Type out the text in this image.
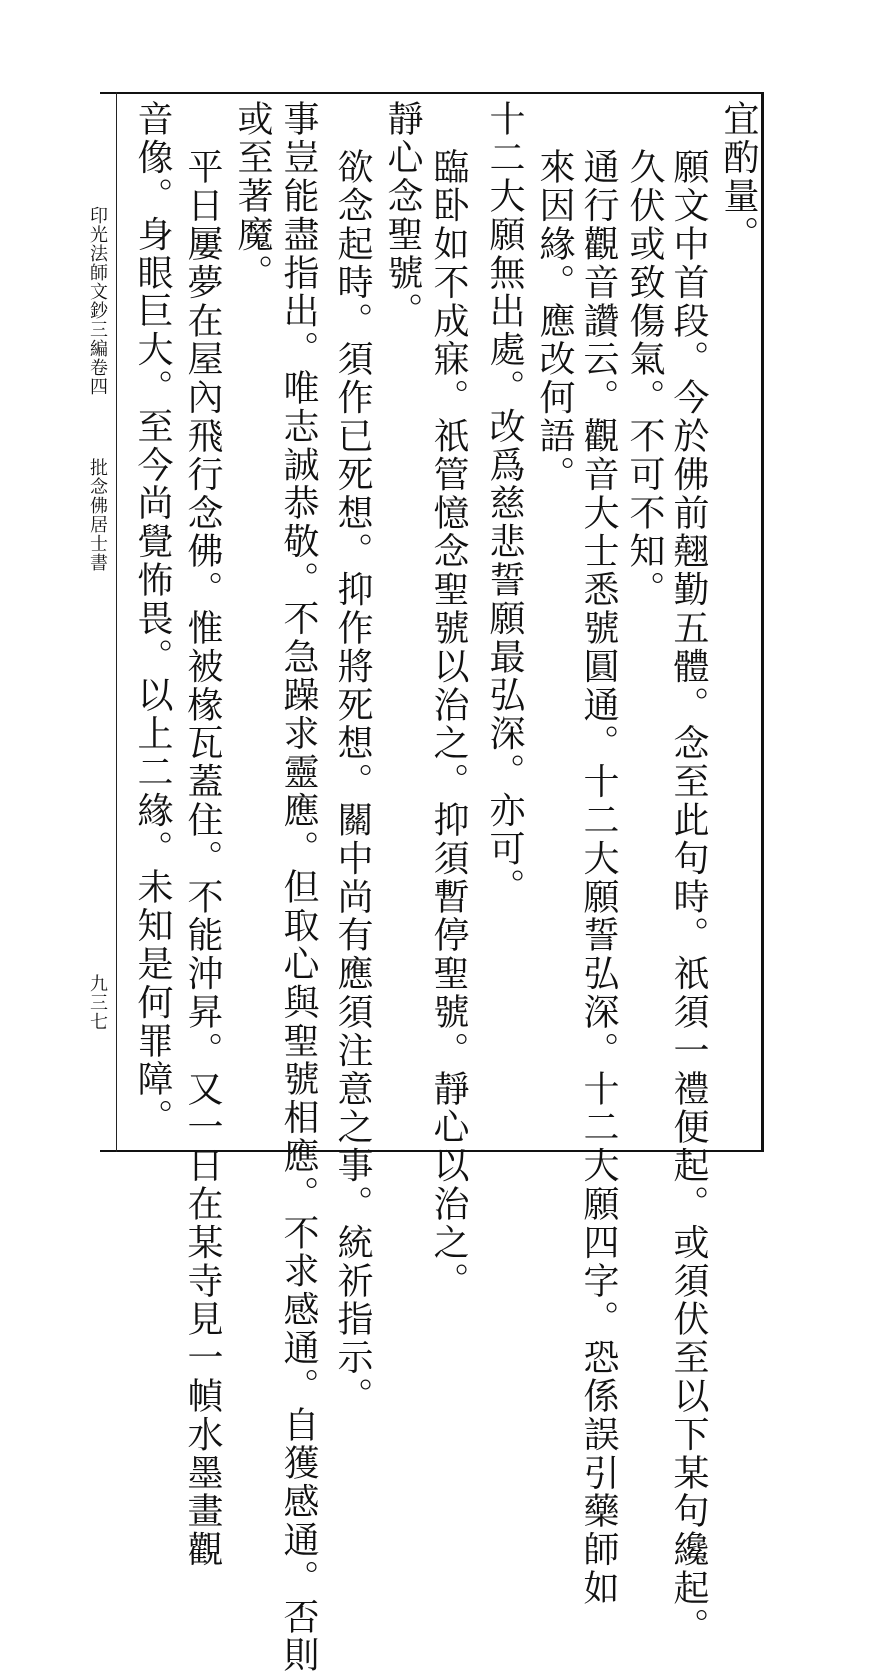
宜酌量。
願文中首段。今於佛前翹勤五體。念至此句時。祇須一禮便起。或須伏至以下某句纔起。
久伏或致傷氣。不可不知。
通行觀音讚云。觀音大士悉號圓通。十二大願誓弘深。十二大願四字。恐係誤引藥師如
來因緣。應改何語。
十二大願無出處。改爲慈悲誓願最弘深。亦可。
臨卧如不成寐。祇管憶念聖號以治之。抑須暫停聖號。靜心以治之。
靜心念聖號。
欲念起時。須作已死想。抑作將死想。關中尚有應須注意之事。統祈指示。
事豈能盡指出。唯志誠恭敬。不急躁求靈應。但取心與聖號相應。不求感通。自獲感通。否則
或至著魔。
平日屢夢在屋內飛行念佛。惟被椽瓦蓋住。不能沖昇。又一日在某寺見一幀水墨畫觀
音像。身眼巨大。至今尚覺怖畏。以上二緣。未知是何罪障。
印光法師文鈔三編卷四
批念佛居士書
九三七
